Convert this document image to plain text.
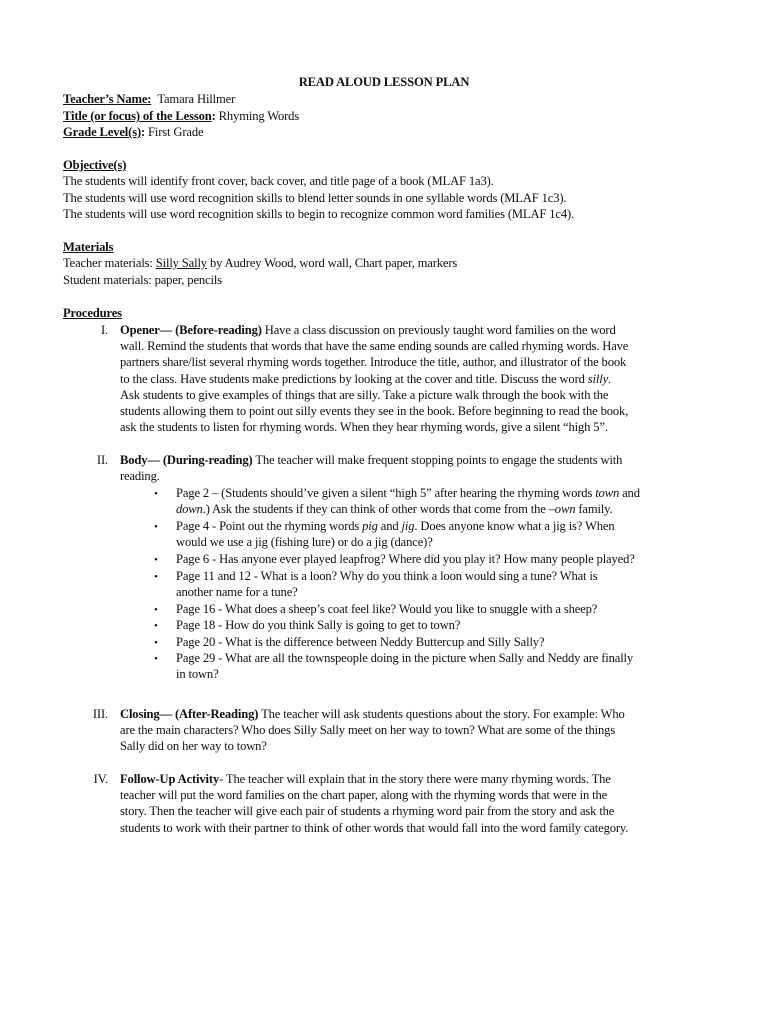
READ ALOUD LESSON PLAN
Teacher’s Name: Tamara Hillmer
Title (or focus) of the Lesson: Rhyming Words
Grade Level(s): First Grade
Objective(s)
The students will identify front cover, back cover, and title page of a book (MLAF 1a3).
The students will use word recognition skills to blend letter sounds in one syllable words (MLAF 1c3).
The students will use word recognition skills to begin to recognize common word families (MLAF 1c4).
Materials
Teacher materials: Silly Sally by Audrey Wood, word wall, Chart paper, markers
Student materials: paper, pencils
Procedures
I. Opener— (Before-reading) Have a class discussion on previously taught word families on the word
wall. Remind the students that words that have the same ending sounds are called rhyming words. Have
partners share/list several rhyming words together. Introduce the title, author, and illustrator of the book
to the class. Have students make predictions by looking at the cover and title. Discuss the word silly.
Ask students to give examples of things that are silly. Take a picture walk through the book with the
students allowing them to point out silly events they see in the book. Before beginning to read the book,
ask the students to listen for rhyming words. When they hear rhyming words, give a silent “high 5”.
II. Body— (During-reading) The teacher will make frequent stopping points to engage the students with
reading.
• Page 2 – (Students should’ve given a silent “high 5” after hearing the rhyming words town and
down.) Ask the students if they can think of other words that come from the –own family.
• Page 4 - Point out the rhyming words pig and jig. Does anyone know what a jig is? When
would we use a jig (fishing lure) or do a jig (dance)?
• Page 6 - Has anyone ever played leapfrog? Where did you play it? How many people played?
• Page 11 and 12 - What is a loon? Why do you think a loon would sing a tune? What is
another name for a tune?
• Page 16 - What does a sheep’s coat feel like? Would you like to snuggle with a sheep?
• Page 18 - How do you think Sally is going to get to town?
• Page 20 - What is the difference between Neddy Buttercup and Silly Sally?
• Page 29 - What are all the townspeople doing in the picture when Sally and Neddy are finally
in town?
III. Closing— (After-Reading) The teacher will ask students questions about the story. For example: Who
are the main characters? Who does Silly Sally meet on her way to town? What are some of the things
Sally did on her way to town?
IV. Follow-Up Activity- The teacher will explain that in the story there were many rhyming words. The
teacher will put the word families on the chart paper, along with the rhyming words that were in the
story. Then the teacher will give each pair of students a rhyming word pair from the story and ask the
students to work with their partner to think of other words that would fall into the word family category.
